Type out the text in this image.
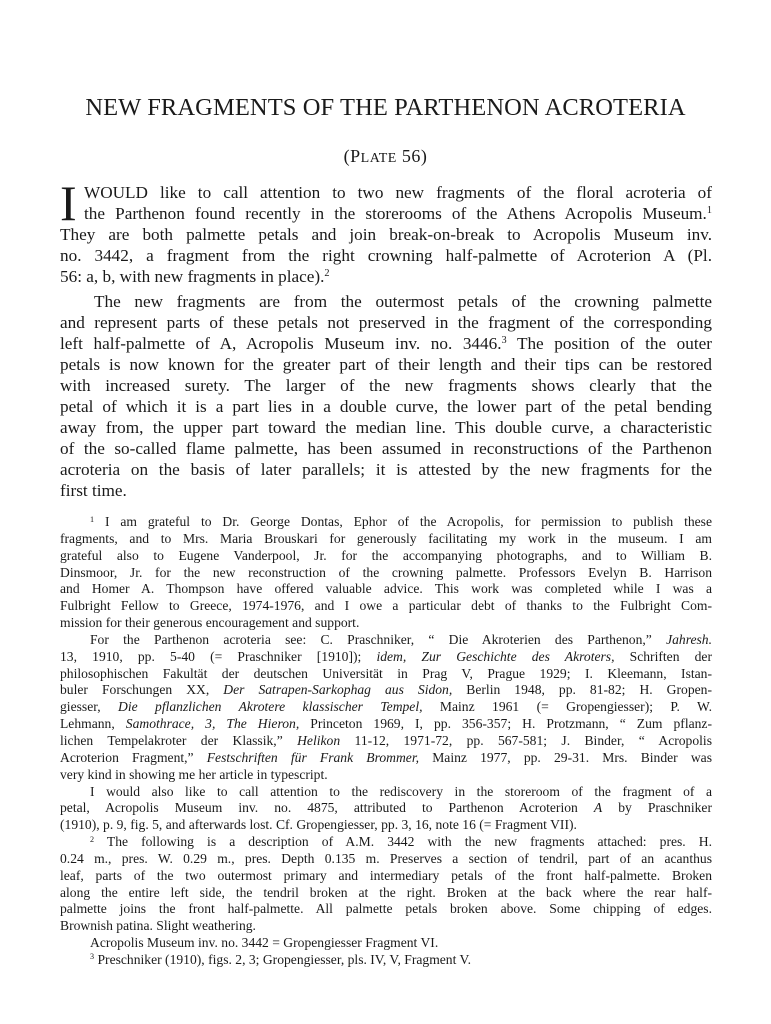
NEW FRAGMENTS OF THE PARTHENON ACROTERIA
(PLATE 56)
I WOULD like to call attention to two new fragments of the floral acroteria of
the Parthenon found recently in the storerooms of the Athens Acropolis Museum.$^1$
They are both palmette petals and join break-on-break to Acropolis Museum inv.
no. 3442, a fragment from the right crowning half-palmette of Acroterion A (Pl.
56: a, b, with new fragments in place).$^2$
The new fragments are from the outermost petals of the crowning palmette
and represent parts of these petals not preserved in the fragment of the corresponding
left half-palmette of A, Acropolis Museum inv. no. 3446.$^3$ The position of the outer
petals is now known for the greater part of their length and their tips can be restored
with increased surety. The larger of the new fragments shows clearly that the
petal of which it is a part lies in a double curve, the lower part of the petal bending
away from, the upper part toward the median line. This double curve, a characteristic
of the so-called flame palmette, has been assumed in reconstructions of the Parthenon
acroteria on the basis of later parallels; it is attested by the new fragments for the
first time.
$^1$ I am grateful to Dr. George Dontas, Ephor of the Acropolis, for permission to publish these
fragments, and to Mrs. Maria Brouskari for generously facilitating my work in the museum. I am
grateful also to Eugene Vanderpool, Jr. for the accompanying photographs, and to William B.
Dinsmoor, Jr. for the new reconstruction of the crowning palmette. Professors Evelyn B. Harrison
and Homer A. Thompson have offered valuable advice. This work was completed while I was a
Fulbright Fellow to Greece, 1974-1976, and I owe a particular debt of thanks to the Fulbright Com-
mission for their generous encouragement and support.
For the Parthenon acroteria see: C. Praschniker, “ Die Akroterien des Parthenon,” Jahresh.
13, 1910, pp. 5-40 (= Praschniker [1910]); idem, Zur Geschichte des Akroters, Schriften der
philosophischen Fakultät der deutschen Universität in Prag V, Prague 1929; I. Kleemann, Istan-
buler Forschungen XX, Der Satrapen-Sarkophag aus Sidon, Berlin 1948, pp. 81-82; H. Gropen-
giesser, Die pflanzlichen Akrotere klassischer Tempel, Mainz 1961 (= Gropengiesser); P. W.
Lehmann, Samothrace, 3, The Hieron, Princeton 1969, I, pp. 356-357; H. Protzmann, “ Zum pflanz-
lichen Tempelakroter der Klassik,” Helikon 11-12, 1971-72, pp. 567-581; J. Binder, “ Acropolis
Acroterion Fragment,” Festschriften für Frank Brommer, Mainz 1977, pp. 29-31. Mrs. Binder was
very kind in showing me her article in typescript.
I would also like to call attention to the rediscovery in the storeroom of the fragment of a
petal, Acropolis Museum inv. no. 4875, attributed to Parthenon Acroterion A by Praschniker
(1910), p. 9, fig. 5, and afterwards lost. Cf. Gropengiesser, pp. 3, 16, note 16 (= Fragment VII).
$^2$ The following is a description of A.M. 3442 with the new fragments attached: pres. H.
0.24 m., pres. W. 0.29 m., pres. Depth 0.135 m. Preserves a section of tendril, part of an acanthus
leaf, parts of the two outermost primary and intermediary petals of the front half-palmette. Broken
along the entire left side, the tendril broken at the right. Broken at the back where the rear half-
palmette joins the front half-palmette. All palmette petals broken above. Some chipping of edges.
Brownish patina. Slight weathering.
Acropolis Museum inv. no. 3442 = Gropengiesser Fragment VI.
$^3$ Preschniker (1910), figs. 2, 3; Gropengiesser, pls. IV, V, Fragment V.
